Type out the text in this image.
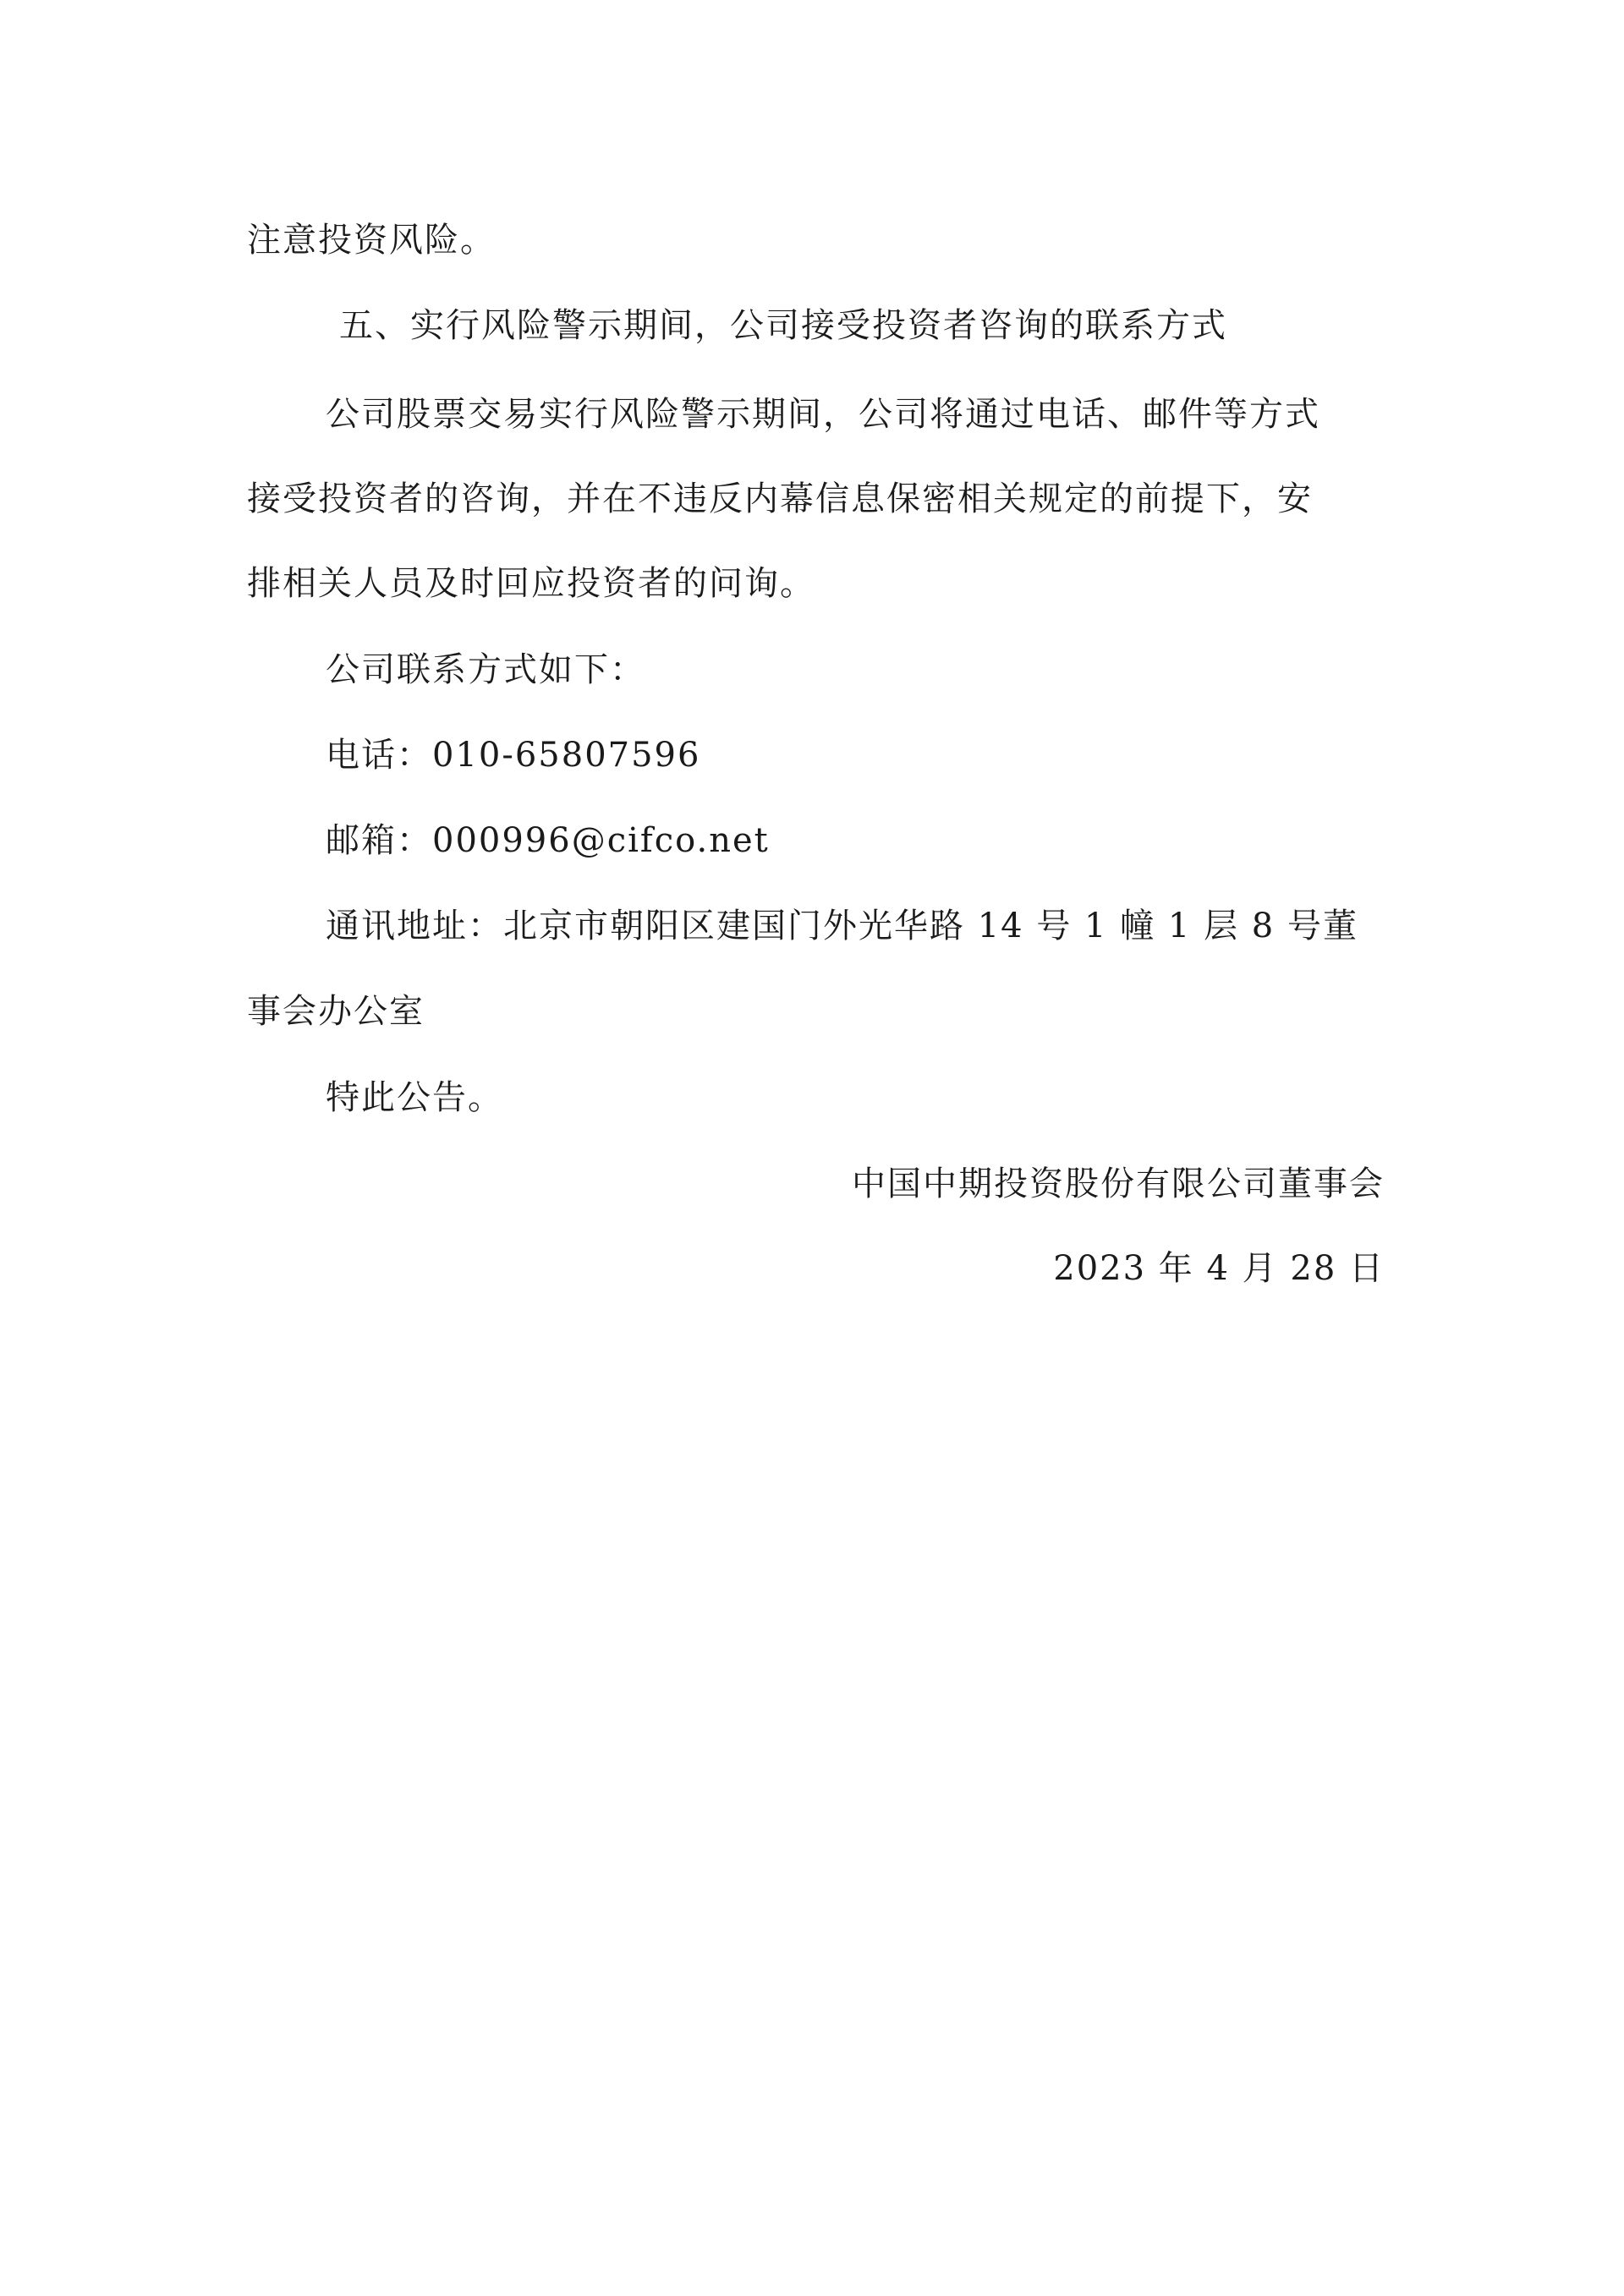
注意投资风险。
五、实行风险警示期间，公司接受投资者咨询的联系方式
公司股票交易实行风险警示期间，公司将通过电话、邮件等方式
接受投资者的咨询，并在不违反内幕信息保密相关规定的前提下，安
排相关人员及时回应投资者的问询。
公司联系方式如下：
电话：010-65807596
邮箱：000996@cifco.net
通讯地址：北京市朝阳区建国门外光华路 14 号 1 幢 1 层 8 号董
事会办公室
特此公告。
中国中期投资股份有限公司董事会
2023 年 4 月 28 日
